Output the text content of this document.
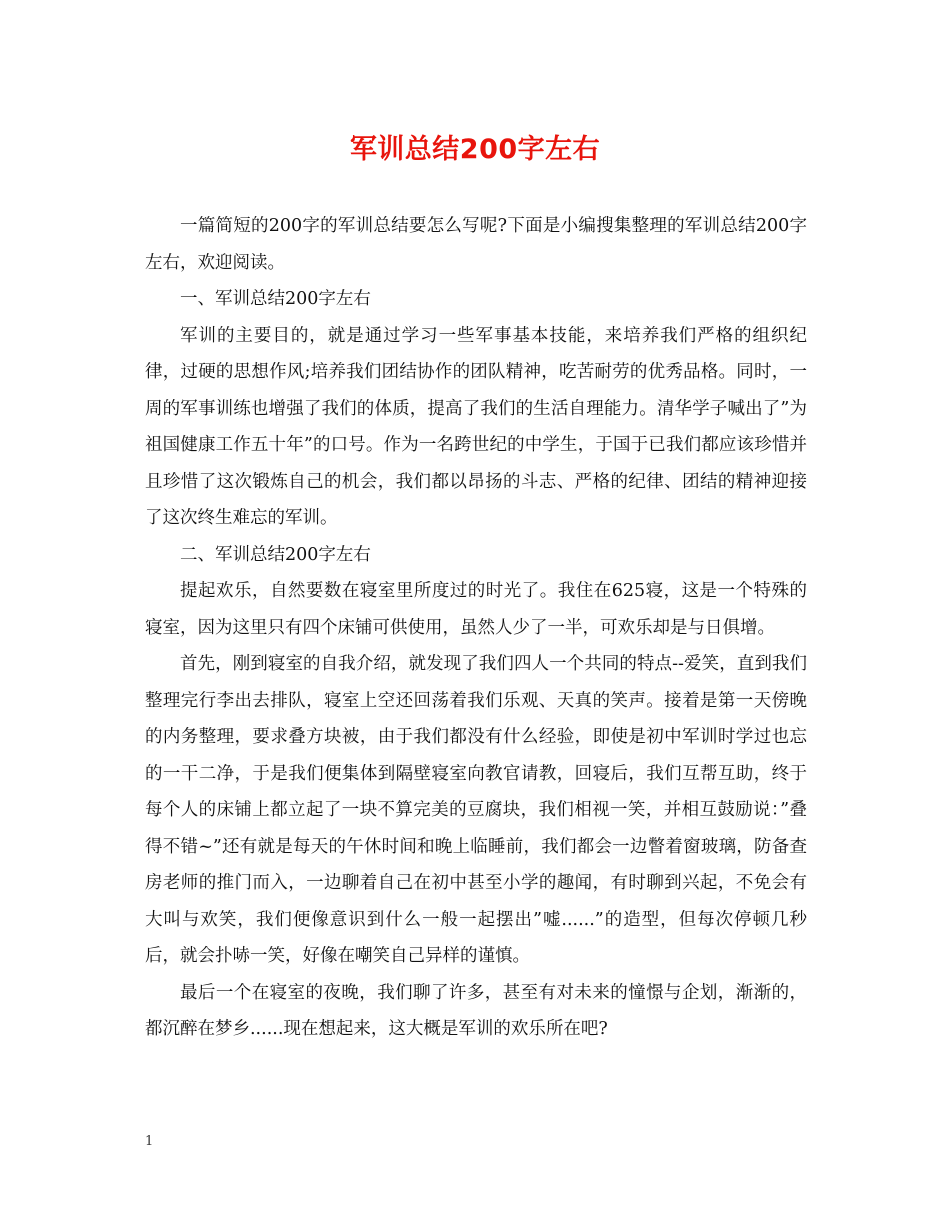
军训总结200字左右

一篇简短的200字的军训总结要怎么写呢?下面是小编搜集整理的军训总结200字左右，欢迎阅读。

一、军训总结200字左右

军训的主要目的，就是通过学习一些军事基本技能，来培养我们严格的组织纪律，过硬的思想作风;培养我们团结协作的团队精神，吃苦耐劳的优秀品格。同时，一周的军事训练也增强了我们的体质，提高了我们的生活自理能力。清华学子喊出了”为祖国健康工作五十年”的口号。作为一名跨世纪的中学生，于国于已我们都应该珍惜并且珍惜了这次锻炼自己的机会，我们都以昂扬的斗志、严格的纪律、团结的精神迎接了这次终生难忘的军训。

二、军训总结200字左右

提起欢乐，自然要数在寝室里所度过的时光了。我住在625寝，这是一个特殊的寝室，因为这里只有四个床铺可供使用，虽然人少了一半，可欢乐却是与日俱增。

首先，刚到寝室的自我介绍，就发现了我们四人一个共同的特点--爱笑，直到我们整理完行李出去排队，寝室上空还回荡着我们乐观、天真的笑声。接着是第一天傍晚的内务整理，要求叠方块被，由于我们都没有什么经验，即使是初中军训时学过也忘的一干二净，于是我们便集体到隔壁寝室向教官请教，回寝后，我们互帮互助，终于每个人的床铺上都立起了一块不算完美的豆腐块，我们相视一笑，并相互鼓励说：”叠得不错~”还有就是每天的午休时间和晚上临睡前，我们都会一边瞥着窗玻璃，防备查房老师的推门而入，一边聊着自己在初中甚至小学的趣闻，有时聊到兴起，不免会有大叫与欢笑，我们便像意识到什么一般一起摆出”嘘......”的造型，但每次停顿几秒后，就会扑哧一笑，好像在嘲笑自己异样的谨慎。

最后一个在寝室的夜晚，我们聊了许多，甚至有对未来的憧憬与企划，渐渐的，都沉醉在梦乡......现在想起来，这大概是军训的欢乐所在吧?

1
